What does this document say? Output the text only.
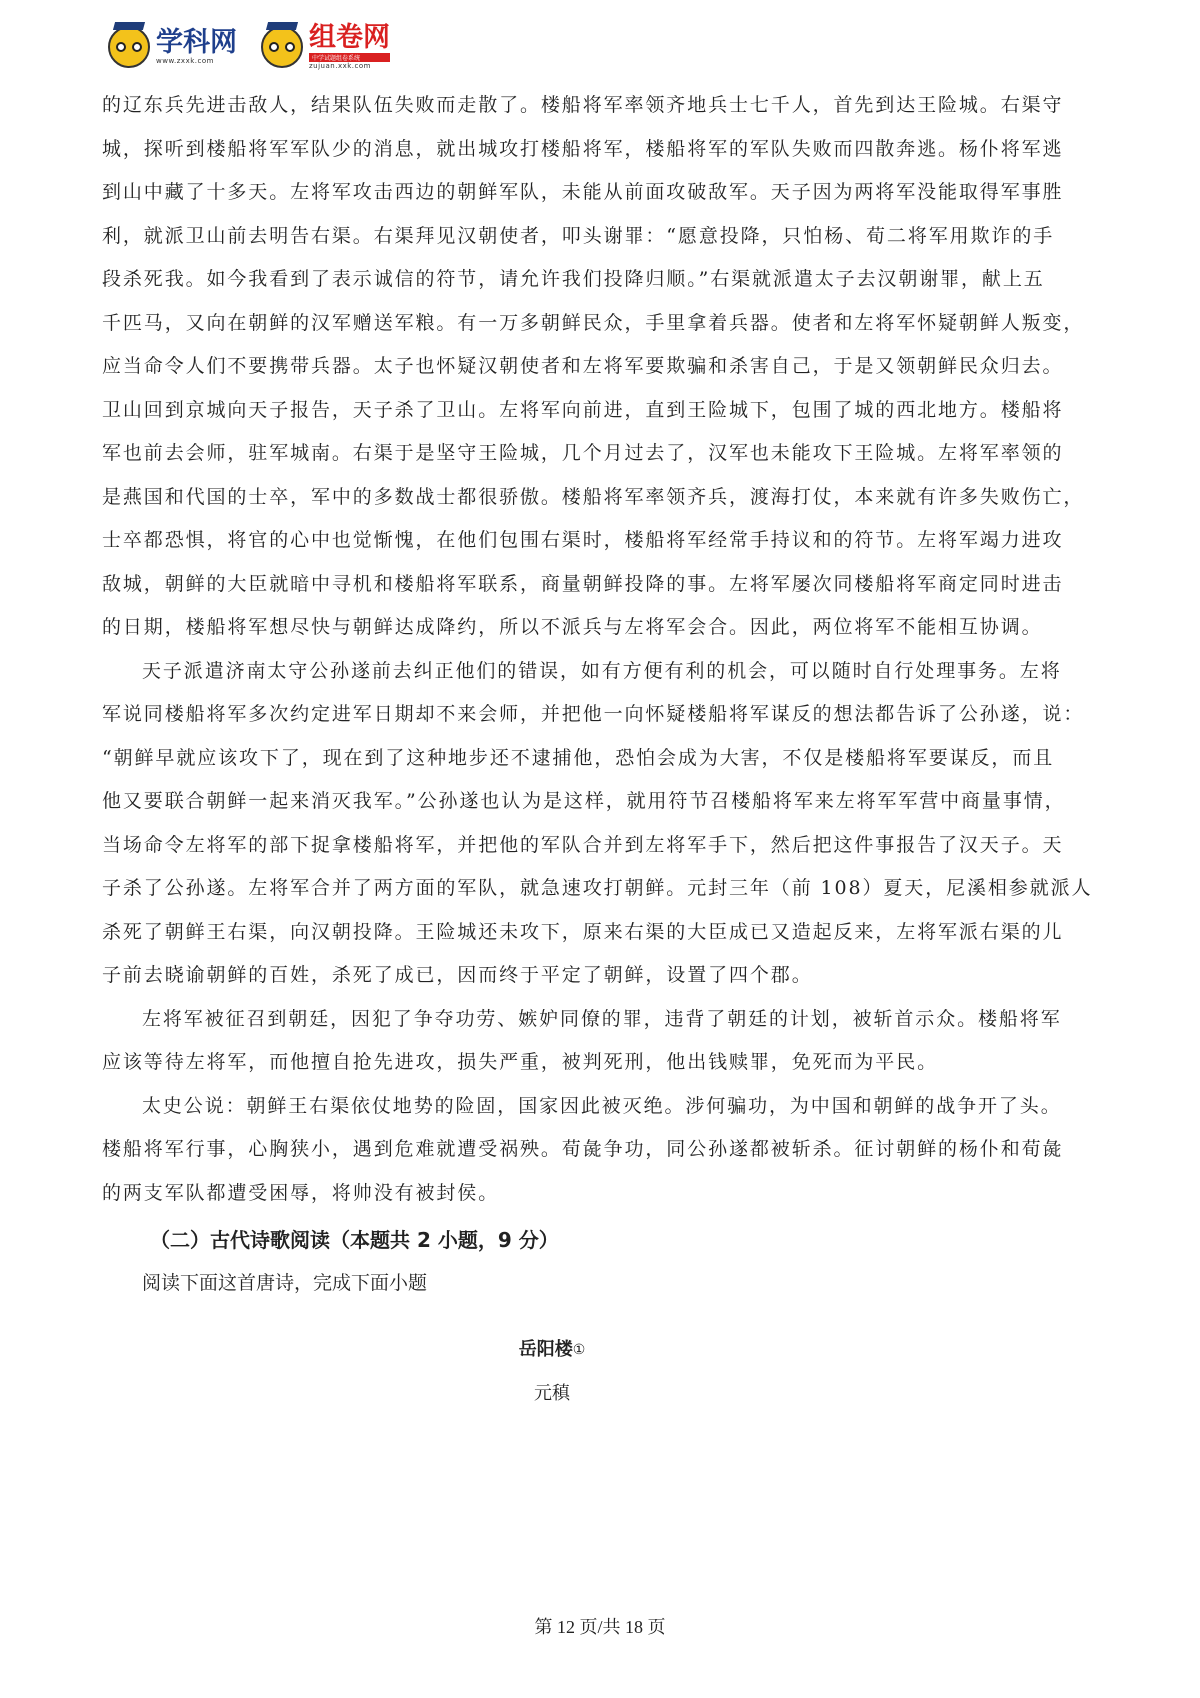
学科网
www.zxxk.com
组卷网
中学试题组卷系统
zujuan.xxk.com
的辽东兵先进击敌人，结果队伍失败而走散了。楼船将军率领齐地兵士七千人，首先到达王险城。右渠守
城，探听到楼船将军军队少的消息，就出城攻打楼船将军，楼船将军的军队失败而四散奔逃。杨仆将军逃
到山中藏了十多天。左将军攻击西边的朝鲜军队，未能从前面攻破敌军。天子因为两将军没能取得军事胜
利，就派卫山前去明告右渠。右渠拜见汉朝使者，叩头谢罪：“愿意投降，只怕杨、荀二将军用欺诈的手
段杀死我。如今我看到了表示诚信的符节，请允许我们投降归顺。”右渠就派遣太子去汉朝谢罪，献上五
千匹马，又向在朝鲜的汉军赠送军粮。有一万多朝鲜民众，手里拿着兵器。使者和左将军怀疑朝鲜人叛变，
应当命令人们不要携带兵器。太子也怀疑汉朝使者和左将军要欺骗和杀害自己，于是又领朝鲜民众归去。
卫山回到京城向天子报告，天子杀了卫山。左将军向前进，直到王险城下，包围了城的西北地方。楼船将
军也前去会师，驻军城南。右渠于是坚守王险城，几个月过去了，汉军也未能攻下王险城。左将军率领的
是燕国和代国的士卒，军中的多数战士都很骄傲。楼船将军率领齐兵，渡海打仗，本来就有许多失败伤亡，
士卒都恐惧，将官的心中也觉惭愧，在他们包围右渠时，楼船将军经常手持议和的符节。左将军竭力进攻
敌城，朝鲜的大臣就暗中寻机和楼船将军联系，商量朝鲜投降的事。左将军屡次同楼船将军商定同时进击
的日期，楼船将军想尽快与朝鲜达成降约，所以不派兵与左将军会合。因此，两位将军不能相互协调。
天子派遣济南太守公孙遂前去纠正他们的错误，如有方便有利的机会，可以随时自行处理事务。左将
军说同楼船将军多次约定进军日期却不来会师，并把他一向怀疑楼船将军谋反的想法都告诉了公孙遂，说：
“朝鲜早就应该攻下了，现在到了这种地步还不逮捕他，恐怕会成为大害，不仅是楼船将军要谋反，而且
他又要联合朝鲜一起来消灭我军。”公孙遂也认为是这样，就用符节召楼船将军来左将军军营中商量事情，
当场命令左将军的部下捉拿楼船将军，并把他的军队合并到左将军手下，然后把这件事报告了汉天子。天
子杀了公孙遂。左将军合并了两方面的军队，就急速攻打朝鲜。元封三年（前 108）夏天，尼溪相参就派人
杀死了朝鲜王右渠，向汉朝投降。王险城还未攻下，原来右渠的大臣成已又造起反来，左将军派右渠的儿
子前去晓谕朝鲜的百姓，杀死了成已，因而终于平定了朝鲜，设置了四个郡。
左将军被征召到朝廷，因犯了争夺功劳、嫉妒同僚的罪，违背了朝廷的计划，被斩首示众。楼船将军
应该等待左将军，而他擅自抢先进攻，损失严重，被判死刑，他出钱赎罪，免死而为平民。
太史公说：朝鲜王右渠依仗地势的险固，国家因此被灭绝。涉何骗功，为中国和朝鲜的战争开了头。
楼船将军行事，心胸狭小，遇到危难就遭受祸殃。荀彘争功，同公孙遂都被斩杀。征讨朝鲜的杨仆和荀彘
的两支军队都遭受困辱，将帅没有被封侯。
（二）古代诗歌阅读（本题共 2 小题，9 分）
阅读下面这首唐诗，完成下面小题
岳阳楼①
元稹
第 12 页/共 18 页
